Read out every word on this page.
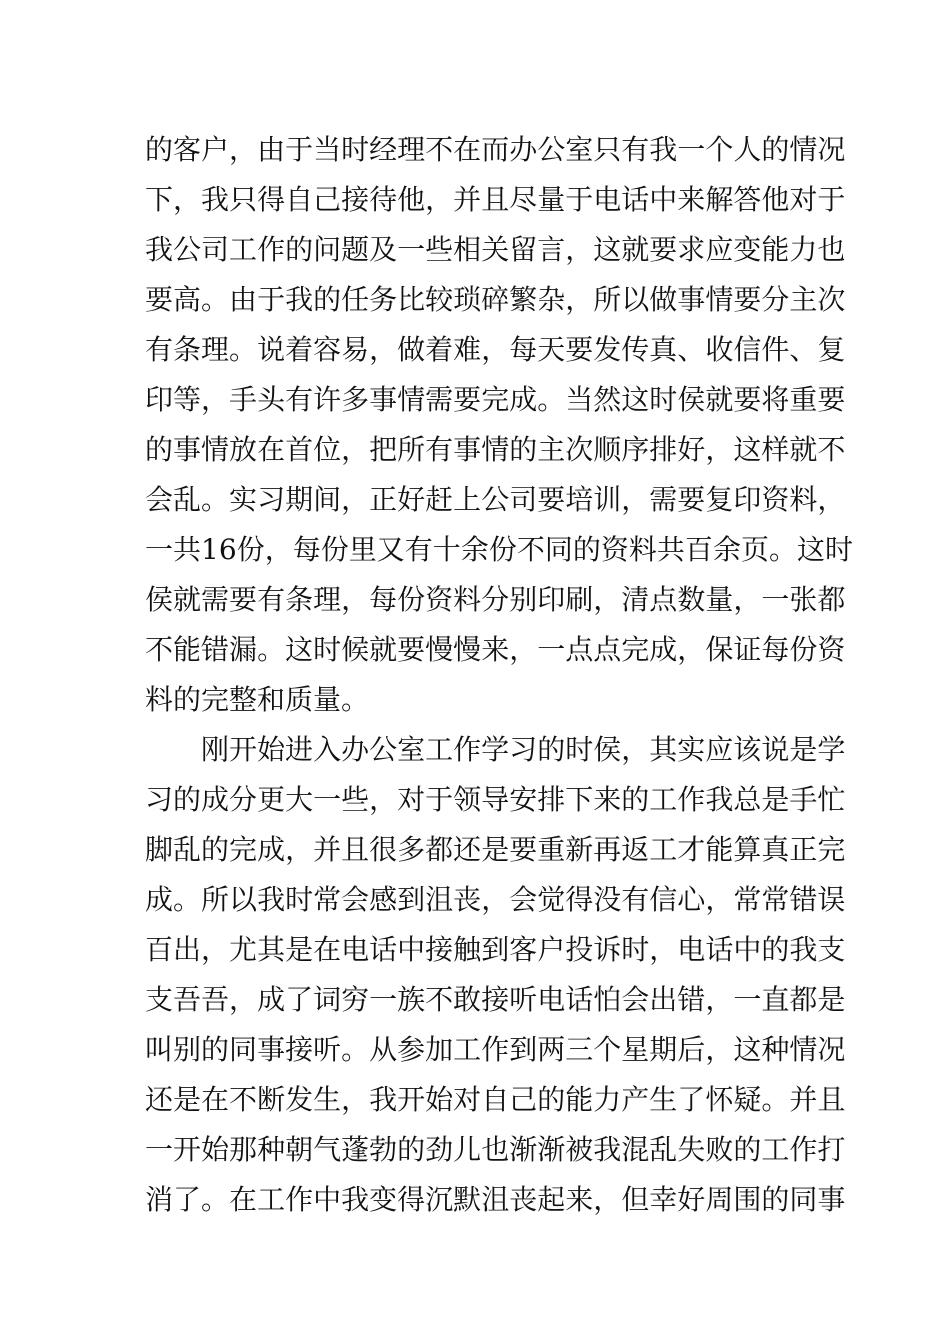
的 客 户 ， 由 于 当 时 经 理 不 在 而 办 公 室 只 有 我 一 个 人 的 情 况
下 ， 我 只 得 自 己 接 待 他 ， 并 且 尽 量 于 电 话 中 来 解 答 他 对 于
我 公 司 工 作 的 问 题 及 一 些 相 关 留 言 ， 这 就 要 求 应 变 能 力 也
要 高 。 由 于 我 的 任 务 比 较 琐 碎 繁 杂 ， 所 以 做 事 情 要 分 主 次
有 条 理 。 说 着 容 易 ， 做 着 难 ， 每 天 要 发 传 真 、 收 信 件 、 复
印 等 ， 手 头 有 许 多 事 情 需 要 完 成 。 当 然 这 时 侯 就 要 将 重 要
的 事 情 放 在 首 位 ， 把 所 有 事 情 的 主 次 顺 序 排 好 ， 这 样 就 不
会 乱 。 实 习 期 间 ， 正 好 赶 上 公 司 要 培 训 ， 需 要 复 印 资 料 ，
一 共 16 份 ， 每 份 里 又 有 十 余 份 不 同 的 资 料 共 百 余 页 。 这 时
侯 就 需 要 有 条 理 ， 每 份 资 料 分 别 印 刷 ， 清 点 数 量 ， 一 张 都
不 能 错 漏 。 这 时 候 就 要 慢 慢 来 ， 一 点 点 完 成 ， 保 证 每 份 资
料的完整和质量。
刚 开 始 进 入 办 公 室 工 作 学 习 的 时 侯 ， 其 实 应 该 说 是 学
习 的 成 分 更 大 一 些 ， 对 于 领 导 安 排 下 来 的 工 作 我 总 是 手 忙
脚 乱 的 完 成 ， 并 且 很 多 都 还 是 要 重 新 再 返 工 才 能 算 真 正 完
成 。 所 以 我 时 常 会 感 到 沮 丧 ， 会 觉 得 没 有 信 心 ， 常 常 错 误
百 出 ， 尤 其 是 在 电 话 中 接 触 到 客 户 投 诉 时 ， 电 话 中 的 我 支
支 吾 吾 ， 成 了 词 穷 一 族 不 敢 接 听 电 话 怕 会 出 错 ， 一 直 都 是
叫 别 的 同 事 接 听 。 从 参 加 工 作 到 两 三 个 星 期 后 ， 这 种 情 况
还 是 在 不 断 发 生 ， 我 开 始 对 自 己 的 能 力 产 生 了 怀 疑 。 并 且
一 开 始 那 种 朝 气 蓬 勃 的 劲 儿 也 渐 渐 被 我 混 乱 失 败 的 工 作 打
消 了 。 在 工 作 中 我 变 得 沉 默 沮 丧 起 来 ， 但 幸 好 周 围 的 同 事
